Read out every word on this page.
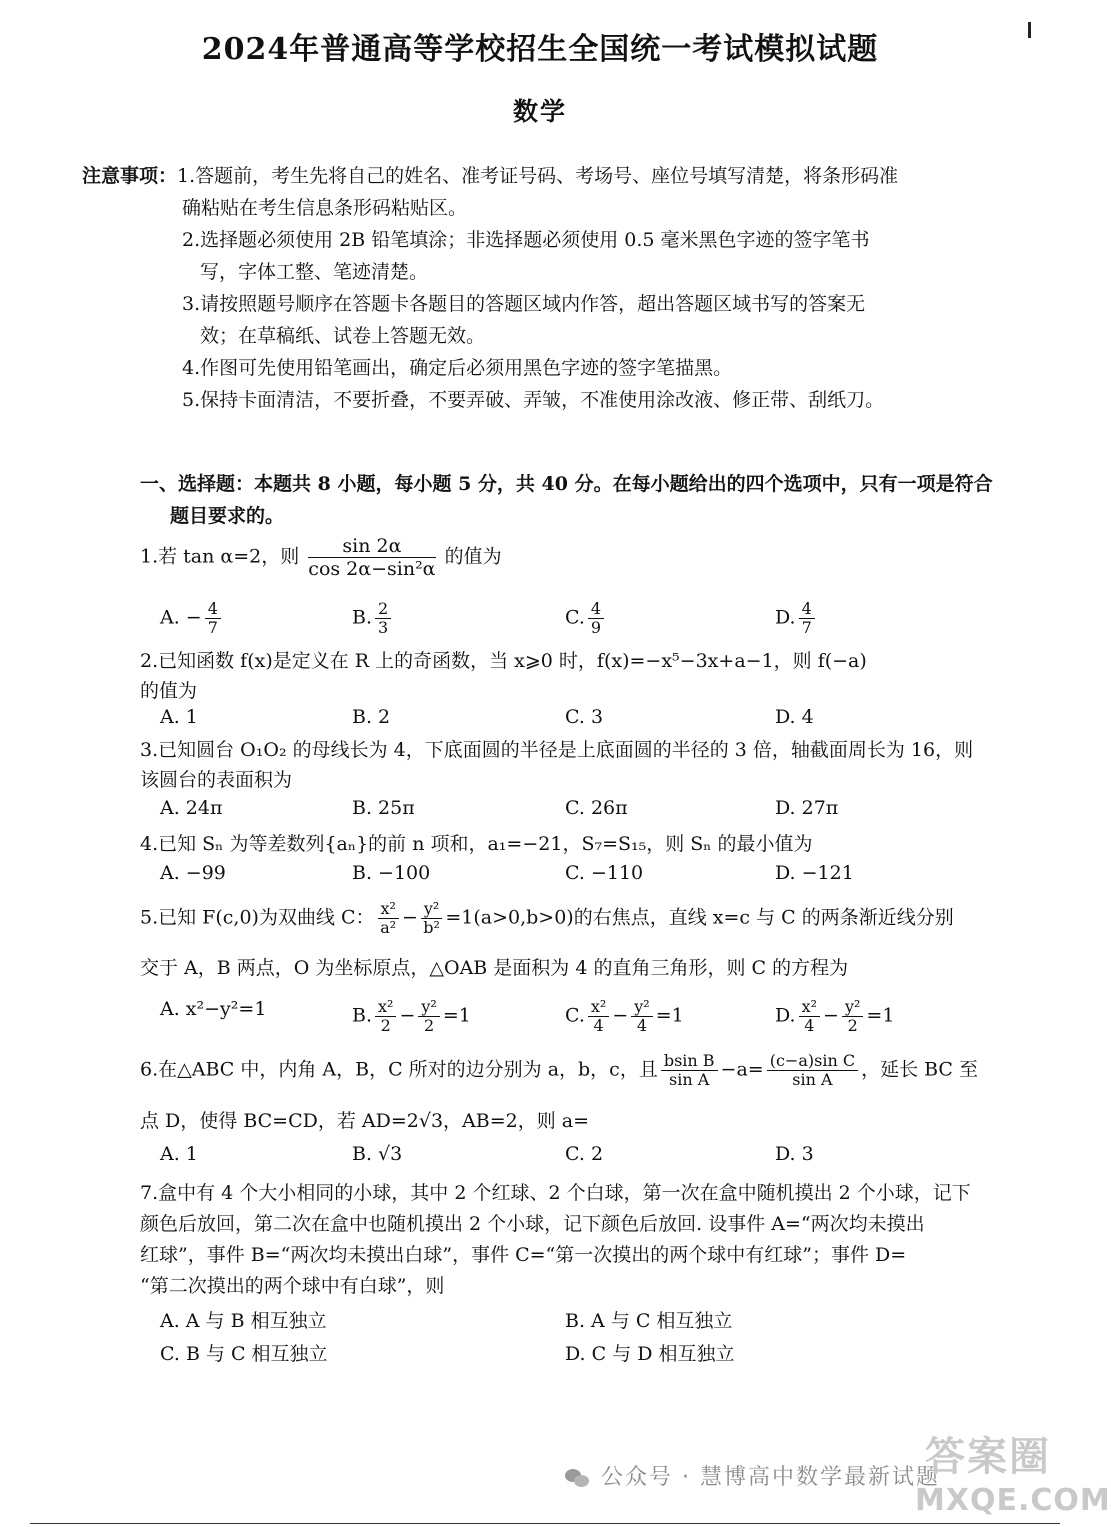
2024年普通高等学校招生全国统一考试模拟试题
数学
注意事项：1.答题前，考生先将自己的姓名、准考证号码、考场号、座位号填写清楚，将条形码准
确粘贴在考生信息条形码粘贴区。
2.选择题必须使用 2B 铅笔填涂；非选择题必须使用 0.5 毫米黑色字迹的签字笔书
写，字体工整、笔迹清楚。
3.请按照题号顺序在答题卡各题目的答题区域内作答，超出答题区域书写的答案无
效；在草稿纸、试卷上答题无效。
4.作图可先使用铅笔画出，确定后必须用黑色字迹的签字笔描黑。
5.保持卡面清洁，不要折叠，不要弄破、弄皱，不准使用涂改液、修正带、刮纸刀。
一、选择题：本题共 8 小题，每小题 5 分，共 40 分。在每小题给出的四个选项中，只有一项是符合
题目要求的。
1.若 tan α=2，则 $\frac{\sin 2\alpha}{\text{cos 2α−sin²α}}$ 的值为
A. − $\frac{4}{7}$	B. $\frac{2}{3}$	C. $\frac{4}{9}$	D. $\frac{4}{7}$
2.已知函数 f(x)是定义在 R 上的奇函数，当 x⩾0 时，f(x)=−x⁵−3x+a−1，则 f(−a)
的值为
A. 1	B. 2	C. 3	D. 4
3.已知圆台 O₁O₂ 的母线长为 4，下底面圆的半径是上底面圆的半径的 3 倍，轴截面周长为 16，则
该圆台的表面积为
A. 24π	B. 25π	C. 26π	D. 27π
4.已知 Sₙ 为等差数列{aₙ}的前 n 项和，a₁=−21，S₇=S₁₅，则 Sₙ 的最小值为
A. −99	B. −100	C. −110	D. −121
5.已知 F(c,0)为双曲线 C： $\frac{\text{x²}}{\text{a²}} - \frac{\text{y²}}{\text{b²}} =1(a>0,b>0)$的右焦点，直线 x=c 与 C 的两条渐近线分别
交于 A，B 两点，O 为坐标原点，△OAB 是面积为 4 的直角三角形，则 C 的方程为
A. x²−y²=1	B. $\frac{\text{x²}}{2} - \frac{\text{y²}}{2} =1$	C. $\frac{\text{x²}}{4} - \frac{\text{y²}}{4} =1$	D. $\frac{\text{x²}}{4} - \frac{\text{y²}}{2} =1$
6.在△ABC 中，内角 A，B，C 所对的边分别为 a，b，c，且 $\frac{\text{bsin B}}{\text{sin A}} -a= \frac{\text{(c−a)sin C}}{\text{sin A}}$ ，延长 BC 至
点 D，使得 BC=CD，若 AD=2√3，AB=2，则 a=
A. 1	B. √3	C. 2	D. 3
7.盒中有 4 个大小相同的小球，其中 2 个红球、2 个白球，第一次在盒中随机摸出 2 个小球，记下
颜色后放回，第二次在盒中也随机摸出 2 个小球，记下颜色后放回. 设事件 A=“两次均未摸出
红球”，事件 B=“两次均未摸出白球”，事件 C=“第一次摸出的两个球中有红球”；事件 D=
“第二次摸出的两个球中有白球”，则
A. A 与 B 相互独立	B. A 与 C 相互独立
C. B 与 C 相互独立	D. C 与 D 相互独立
公众号 · 慧博高中数学最新试题
答案圈
MXQE.COM
